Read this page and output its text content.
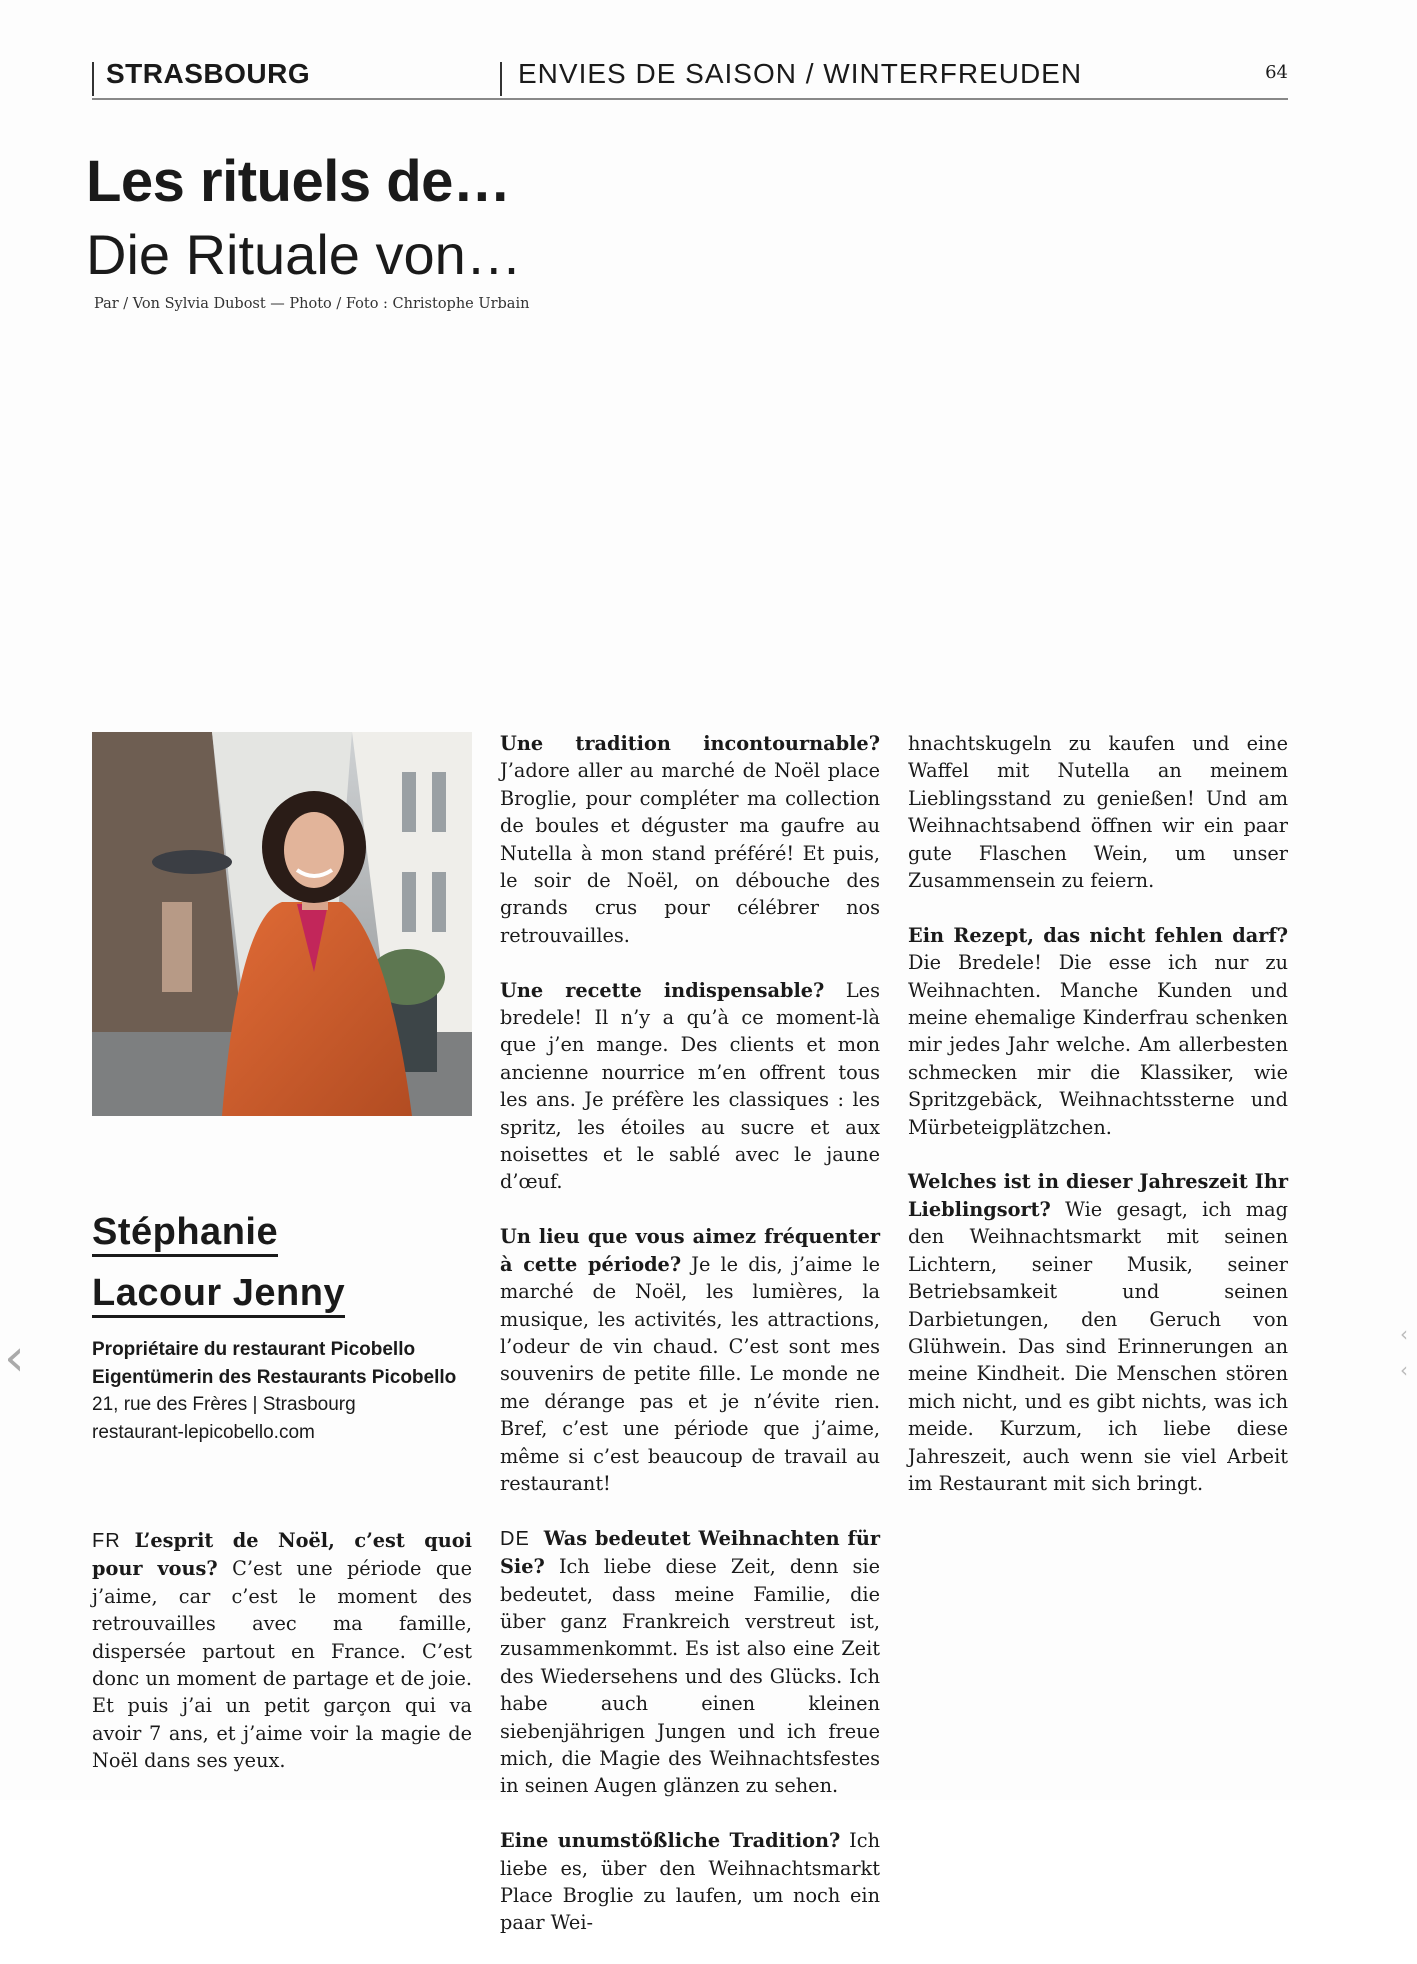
STRASBOURG	ENVIES DE SAISON / WINTERFREUDEN	64
Les rituels de…
Die Rituale von…
Par / Von Sylvia Dubost — Photo / Foto : Christophe Urbain
Stéphanie
Lacour Jenny
Propriétaire du restaurant Picobello
Eigentümerin des Restaurants Picobello
21, rue des Frères | Strasbourg
restaurant-lepicobello.com

FR L’esprit de Noël, c’est quoi pour vous? C’est une période que j’aime, car c’est le moment des retrouvailles avec ma famille, dispersée partout en France. C’est donc un moment de partage et de joie. Et puis j’ai un petit garçon qui va avoir 7 ans, et j’aime voir la magie de Noël dans ses yeux.

Une tradition incontournable? J’adore aller au marché de Noël place Broglie, pour compléter ma collection de boules et déguster ma gaufre au Nutella à mon stand préféré! Et puis, le soir de Noël, on débouche des grands crus pour célébrer nos retrouvailles.

Une recette indispensable? Les bredele! Il n’y a qu’à ce moment-là que j’en mange. Des clients et mon ancienne nourrice m’en offrent tous les ans. Je préfère les classiques : les spritz, les étoiles au sucre et aux noisettes et le sablé avec le jaune d’œuf.

Un lieu que vous aimez fréquenter à cette période? Je le dis, j’aime le marché de Noël, les lumières, la musique, les activités, les attractions, l’odeur de vin chaud. C’est sont mes souvenirs de petite fille. Le monde ne me dérange pas et je n’évite rien. Bref, c’est une période que j’aime, même si c’est beaucoup de travail au restaurant!

DE Was bedeutet Weihnachten für Sie? Ich liebe diese Zeit, denn sie bedeutet, dass meine Familie, die über ganz Frankreich verstreut ist, zusammenkommt. Es ist also eine Zeit des Wiedersehens und des Glücks. Ich habe auch einen kleinen siebenjährigen Jungen und ich freue mich, die Magie des Weihnachtsfestes in seinen Augen glänzen zu sehen.

Eine unumstößliche Tradition? Ich liebe es, über den Weihnachtsmarkt Place Broglie zu laufen, um noch ein paar Wei-

hnachtskugeln zu kaufen und eine Waffel mit Nutella an meinem Lieblingsstand zu genießen! Und am Weihnachtsabend öffnen wir ein paar gute Flaschen Wein, um unser Zusammensein zu feiern.

Ein Rezept, das nicht fehlen darf? Die Bredele! Die esse ich nur zu Weihnachten. Manche Kunden und meine ehemalige Kinderfrau schenken mir jedes Jahr welche. Am allerbesten schmecken mir die Klassiker, wie Spritzgebäck, Weihnachtssterne und Mürbeteigplätzchen.

Welches ist in dieser Jahreszeit Ihr Lieblingsort? Wie gesagt, ich mag den Weihnachtsmarkt mit seinen Lichtern, seiner Musik, seiner Betriebsamkeit und seinen Darbietungen, den Geruch von Glühwein. Das sind Erinnerungen an meine Kindheit. Die Menschen stören mich nicht, und es gibt nichts, was ich meide. Kurzum, ich liebe diese Jahreszeit, auch wenn sie viel Arbeit im Restaurant mit sich bringt.

‹	‹
‹
